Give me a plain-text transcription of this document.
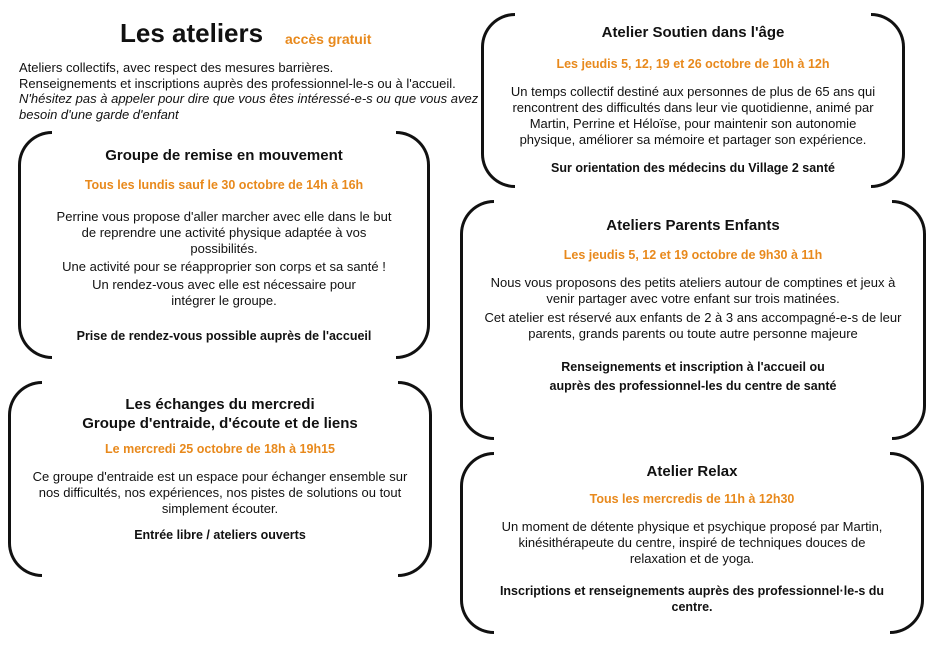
Les ateliers accès gratuit
Ateliers collectifs, avec respect des mesures barrières.
Renseignements et inscriptions auprès des professionnel-le-s ou à l'accueil.
N'hésitez pas à appeler pour dire que vous êtes intéressé-e-s ou que vous avez besoin d'une garde d'enfant
Groupe de remise en mouvement
Tous les lundis sauf le 30 octobre de 14h à 16h

Perrine vous propose d'aller marcher avec elle dans le but de reprendre une activité physique adaptée à vos possibilités.

Une activité pour se réapproprier son corps et sa santé !

Un rendez-vous avec elle est nécessaire pour intégrer le groupe.

Prise de rendez-vous possible auprès de l'accueil
Les échanges du mercredi
Groupe d'entraide, d'écoute et de liens
Le mercredi 25 octobre de 18h à 19h15

Ce groupe d'entraide est un espace pour échanger ensemble sur nos difficultés, nos expériences, nos pistes de solutions ou tout simplement écouter.

Entrée libre / ateliers ouverts
Atelier Soutien dans l'âge
Les jeudis 5, 12, 19 et 26 octobre de 10h à 12h

Un temps collectif destiné aux personnes de plus de 65 ans qui rencontrent des difficultés dans leur vie quotidienne, animé par Martin, Perrine et Héloïse, pour maintenir son autonomie physique, améliorer sa mémoire et partager son expérience.

Sur orientation des médecins du Village 2 santé
Ateliers Parents Enfants
Les jeudis 5, 12 et 19 octobre de 9h30 à 11h

Nous vous proposons des petits ateliers autour de comptines et jeux à venir partager avec votre enfant sur trois matinées.

Cet atelier est réservé aux enfants de 2 à 3 ans accompagné-e-s de leur parents, grands parents ou toute autre personne majeure

Renseignements et inscription à l'accueil ou
auprès des professionnel-les du centre de santé
Atelier Relax
Tous les mercredis de 11h à 12h30

Un moment de détente physique et psychique proposé par Martin, kinésithérapeute du centre, inspiré de techniques douces de relaxation et de yoga.

Inscriptions et renseignements auprès des professionnel·le-s du centre.
